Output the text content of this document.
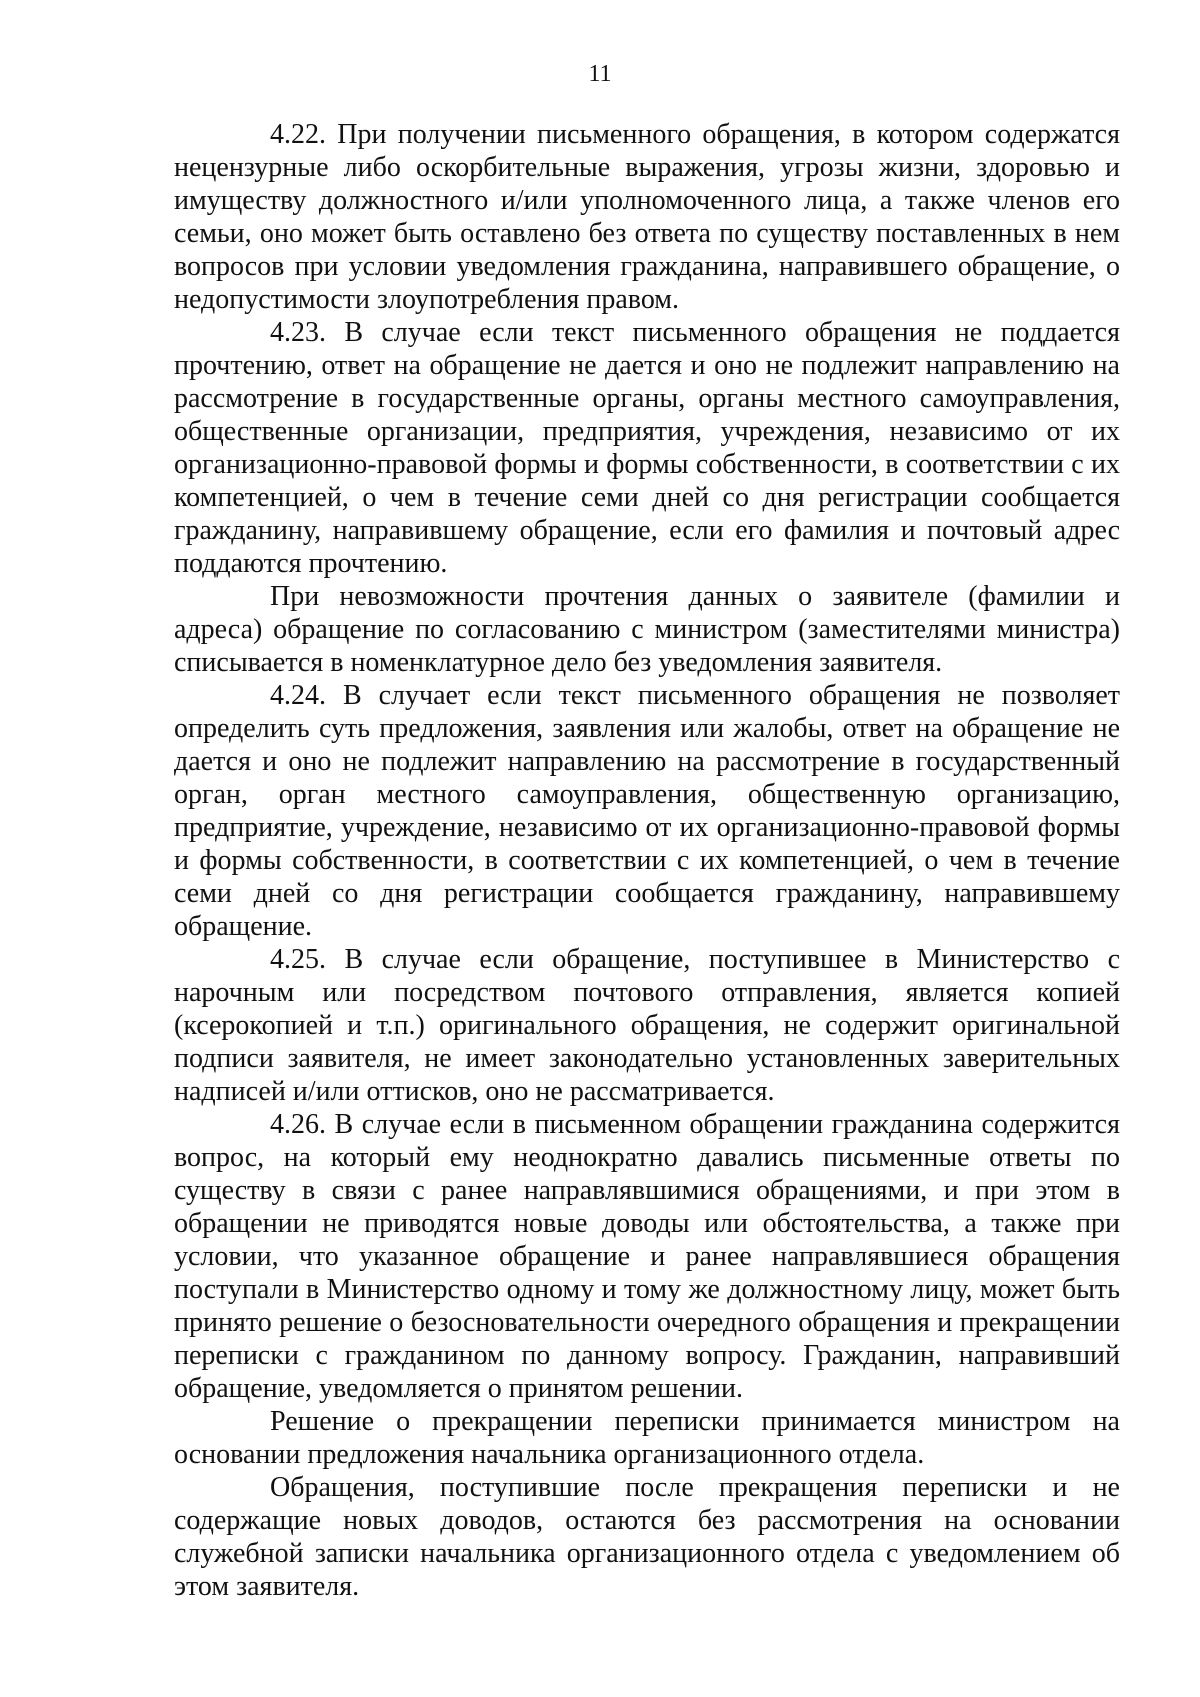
11

4.22. При получении письменного обращения, в котором содержатся нецензурные либо оскорбительные выражения, угрозы жизни, здоровью и имуществу должностного и/или уполномоченного лица, а также членов его семьи, оно может быть оставлено без ответа по существу поставленных в нем вопросов при условии уведомления гражданина, направившего обращение, о недопустимости злоупотребления правом.

4.23. В случае если текст письменного обращения не поддается прочтению, ответ на обращение не дается и оно не подлежит направлению на рассмотрение в государственные органы, органы местного самоуправления, общественные организации, предприятия, учреждения, независимо от их организационно-правовой формы и формы собственности, в соответствии с их компетенцией, о чем в течение семи дней со дня регистрации сообщается гражданину, направившему обращение, если его фамилия и почтовый адрес поддаются прочтению.

При невозможности прочтения данных о заявителе (фамилии и адреса) обращение по согласованию с министром (заместителями министра) списывается в номенклатурное дело без уведомления заявителя.

4.24. В случает если текст письменного обращения не позволяет определить суть предложения, заявления или жалобы, ответ на обращение не дается и оно не подлежит направлению на рассмотрение в государственный орган, орган местного самоуправления, общественную организацию, предприятие, учреждение, независимо от их организационно-правовой формы и формы собственности, в соответствии с их компетенцией, о чем в течение семи дней со дня регистрации сообщается гражданину, направившему обращение.

4.25. В случае если обращение, поступившее в Министерство с нарочным или посредством почтового отправления, является копией (ксерокопией и т.п.) оригинального обращения, не содержит оригинальной подписи заявителя, не имеет законодательно установленных заверительных надписей и/или оттисков, оно не рассматривается.

4.26. В случае если в письменном обращении гражданина содержится вопрос, на который ему неоднократно давались письменные ответы по существу в связи с ранее направлявшимися обращениями, и при этом в обращении не приводятся новые доводы или обстоятельства, а также при условии, что указанное обращение и ранее направлявшиеся обращения поступали в Министерство одному и тому же должностному лицу, может быть принято решение о безосновательности очередного обращения и прекращении переписки с гражданином по данному вопросу. Гражданин, направивший обращение, уведомляется о принятом решении.

Решение о прекращении переписки принимается министром на основании предложения начальника организационного отдела.

Обращения, поступившие после прекращения переписки и не содержащие новых доводов, остаются без рассмотрения на основании служебной записки начальника организационного отдела с уведомлением об этом заявителя.
